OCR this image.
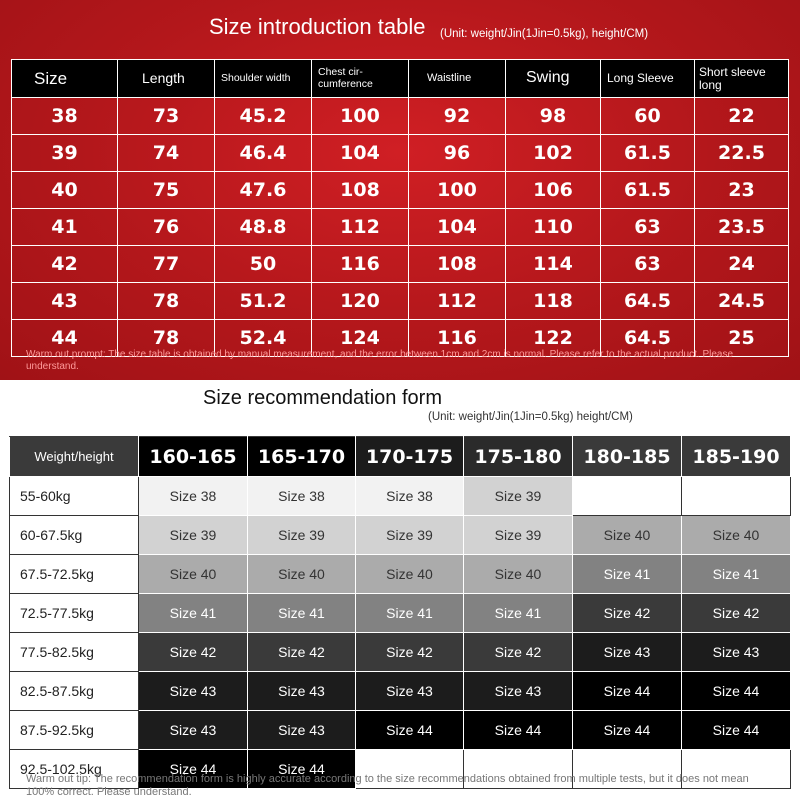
Size introduction table (Unit: weight/Jin(1Jin=0.5kg), height/CM)
Size	Length	Shoulder width	Chest cir-cumference	Waistline	Swing	Long Sleeve	Short sleeve long
38	73	45.2	100	92	98	60	22
39	74	46.4	104	96	102	61.5	22.5
40	75	47.6	108	100	106	61.5	23
41	76	48.8	112	104	110	63	23.5
42	77	50	116	108	114	63	24
43	78	51.2	120	112	118	64.5	24.5
44	78	52.4	124	116	122	64.5	25
Warm out prompt: The size table is obtained by manual measurement, and the error between 1cm and 2cm is normal. Please refer to the actual product. Please understand.
Size recommendation form
(Unit: weight/Jin(1Jin=0.5kg) height/CM)
Weight/height	160-165	165-170	170-175	175-180	180-185	185-190
55-60kg	Size 38	Size 38	Size 38	Size 39		
60-67.5kg	Size 39	Size 39	Size 39	Size 39	Size 40	Size 40
67.5-72.5kg	Size 40	Size 40	Size 40	Size 40	Size 41	Size 41
72.5-77.5kg	Size 41	Size 41	Size 41	Size 41	Size 42	Size 42
77.5-82.5kg	Size 42	Size 42	Size 42	Size 42	Size 43	Size 43
82.5-87.5kg	Size 43	Size 43	Size 43	Size 43	Size 44	Size 44
87.5-92.5kg	Size 43	Size 43	Size 44	Size 44	Size 44	Size 44
92.5-102.5kg	Size 44	Size 44				
Warm out tip: The recommendation form is highly accurate according to the size recommendations obtained from multiple tests, but it does not mean 100% correct. Please understand.
